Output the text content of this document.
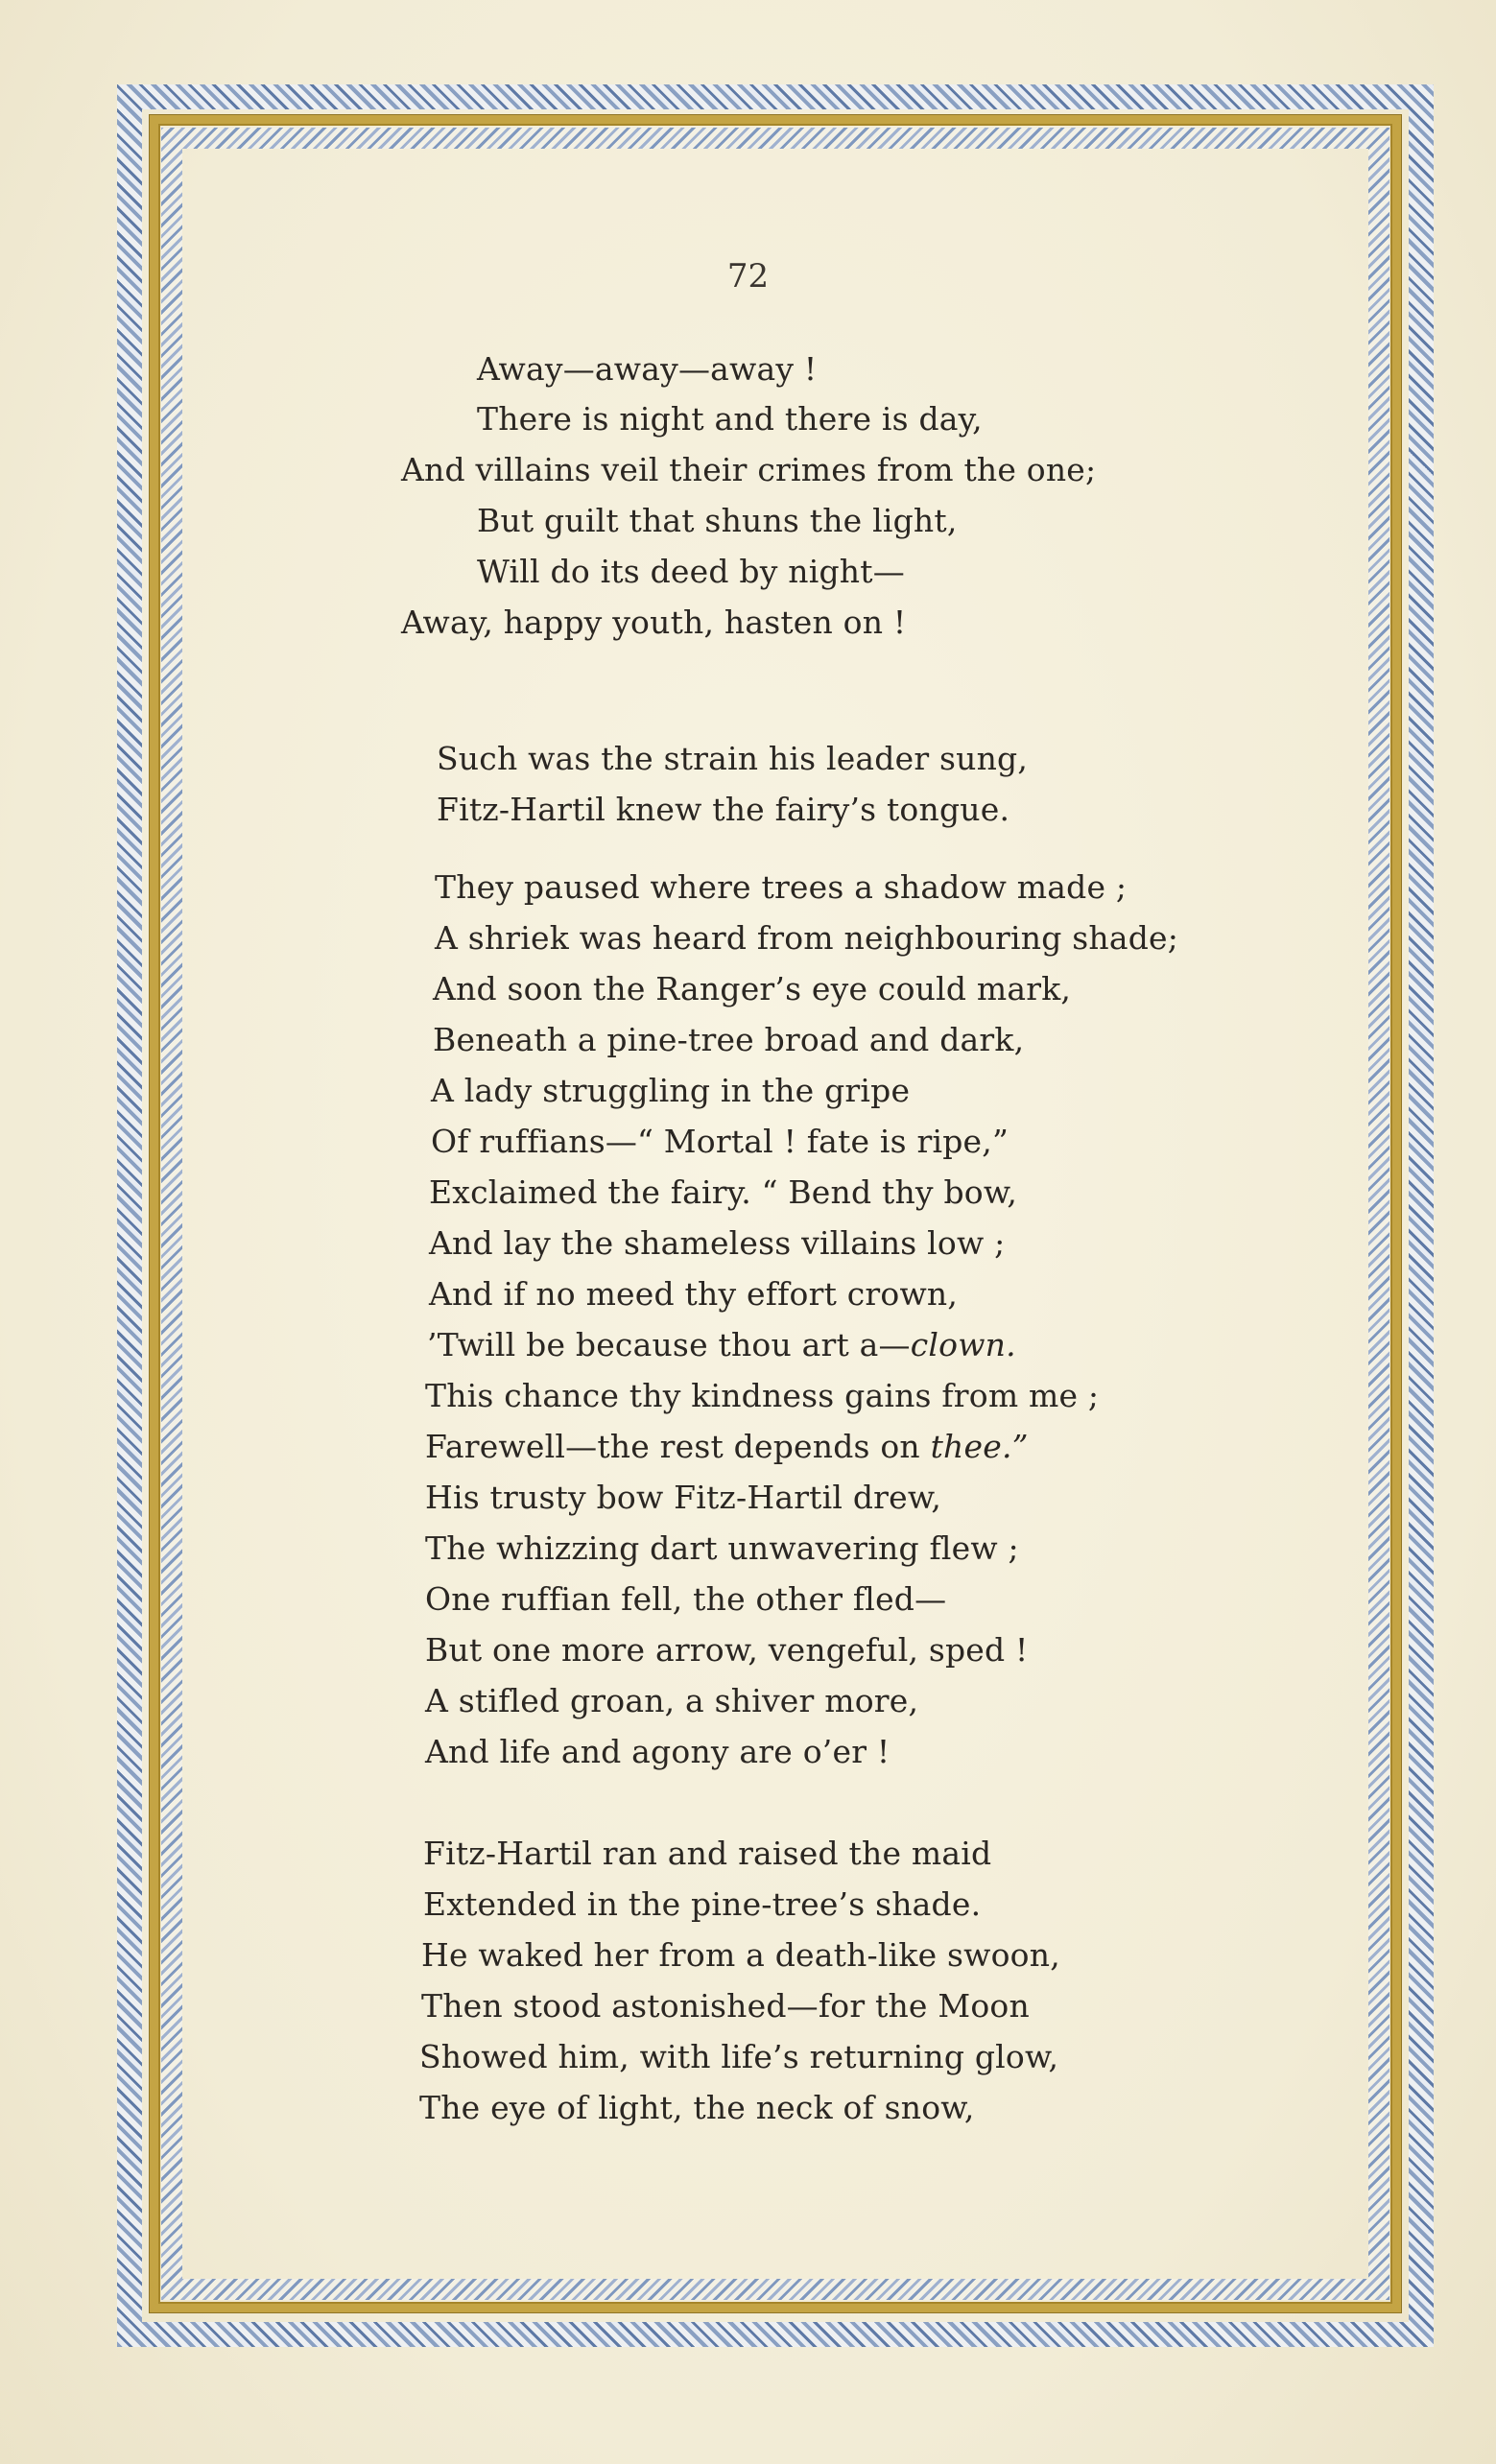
72
Away—away—away !
There is night and there is day,
And villains veil their crimes from the one;
But guilt that shuns the light,
Will do its deed by night—
Away, happy youth, hasten on !
Such was the strain his leader sung,
Fitz-Hartil knew the fairy’s tongue.
They paused where trees a shadow made ;
A shriek was heard from neighbouring shade;
And soon the Ranger’s eye could mark,
Beneath a pine-tree broad and dark,
A lady struggling in the gripe
Of ruffians—“ Mortal ! fate is ripe,”
Exclaimed the fairy. “ Bend thy bow,
And lay the shameless villains low ;
And if no meed thy effort crown,
’Twill be because thou art a—clown.
This chance thy kindness gains from me ;
Farewell—the rest depends on thee.”
His trusty bow Fitz-Hartil drew,
The whizzing dart unwavering flew ;
One ruffian fell, the other fled—
But one more arrow, vengeful, sped !
A stifled groan, a shiver more,
And life and agony are o’er !
Fitz-Hartil ran and raised the maid
Extended in the pine-tree’s shade.
He waked her from a death-like swoon,
Then stood astonished—for the Moon
Showed him, with life’s returning glow,
The eye of light, the neck of snow,
